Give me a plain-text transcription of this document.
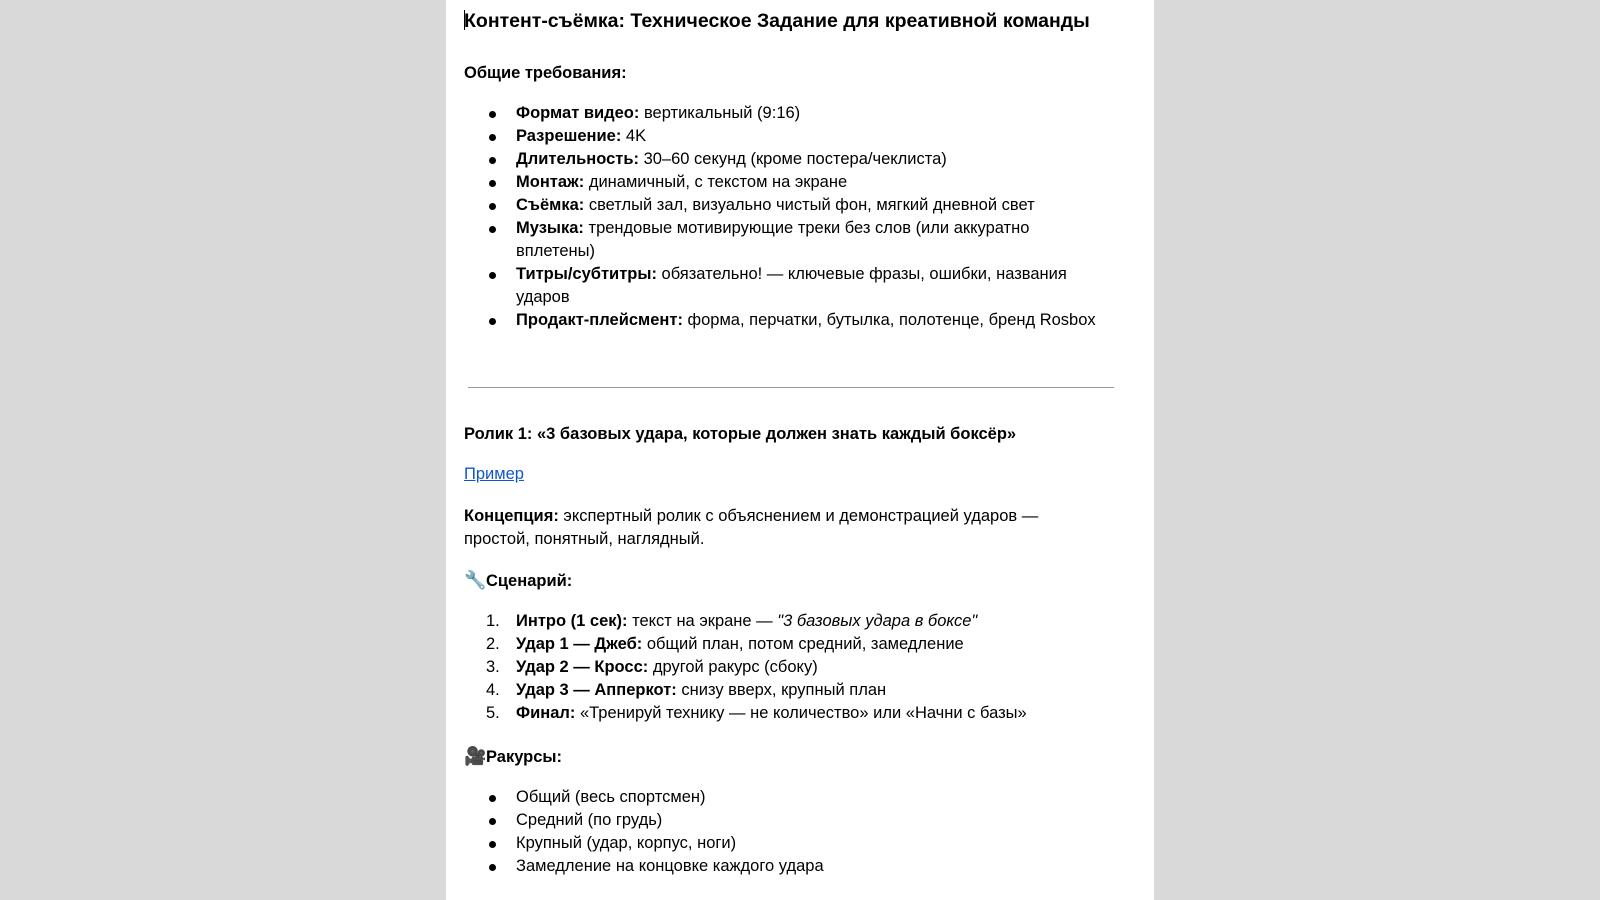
Контент-съёмка: Техническое Задание для креативной команды
Общие требования:
Формат видео: вертикальный (9:16)
Разрешение: 4K
Длительность: 30–60 секунд (кроме постера/чеклиста)
Монтаж: динамичный, с текстом на экране
Съёмка: светлый зал, визуально чистый фон, мягкий дневной свет
Музыка: трендовые мотивирующие треки без слов (или аккуратно вплетены)
Титры/субтитры: обязательно! — ключевые фразы, ошибки, названия ударов
Продакт-плейсмент: форма, перчатки, бутылка, полотенце, бренд Rosbox
Ролик 1: «3 базовых удара, которые должен знать каждый боксёр»
Пример
Концепция: экспертный ролик с объяснением и демонстрацией ударов — простой, понятный, наглядный.
🔧Сценарий:
1. Интро (1 сек): текст на экране — "3 базовых удара в боксе"
2. Удар 1 — Джеб: общий план, потом средний, замедление
3. Удар 2 — Кросс: другой ракурс (сбоку)
4. Удар 3 — Апперкот: снизу вверх, крупный план
5. Финал: «Тренируй технику — не количество» или «Начни с базы»
🎥Ракурсы:
Общий (весь спортсмен)
Средний (по грудь)
Крупный (удар, корпус, ноги)
Замедление на концовке каждого удара
